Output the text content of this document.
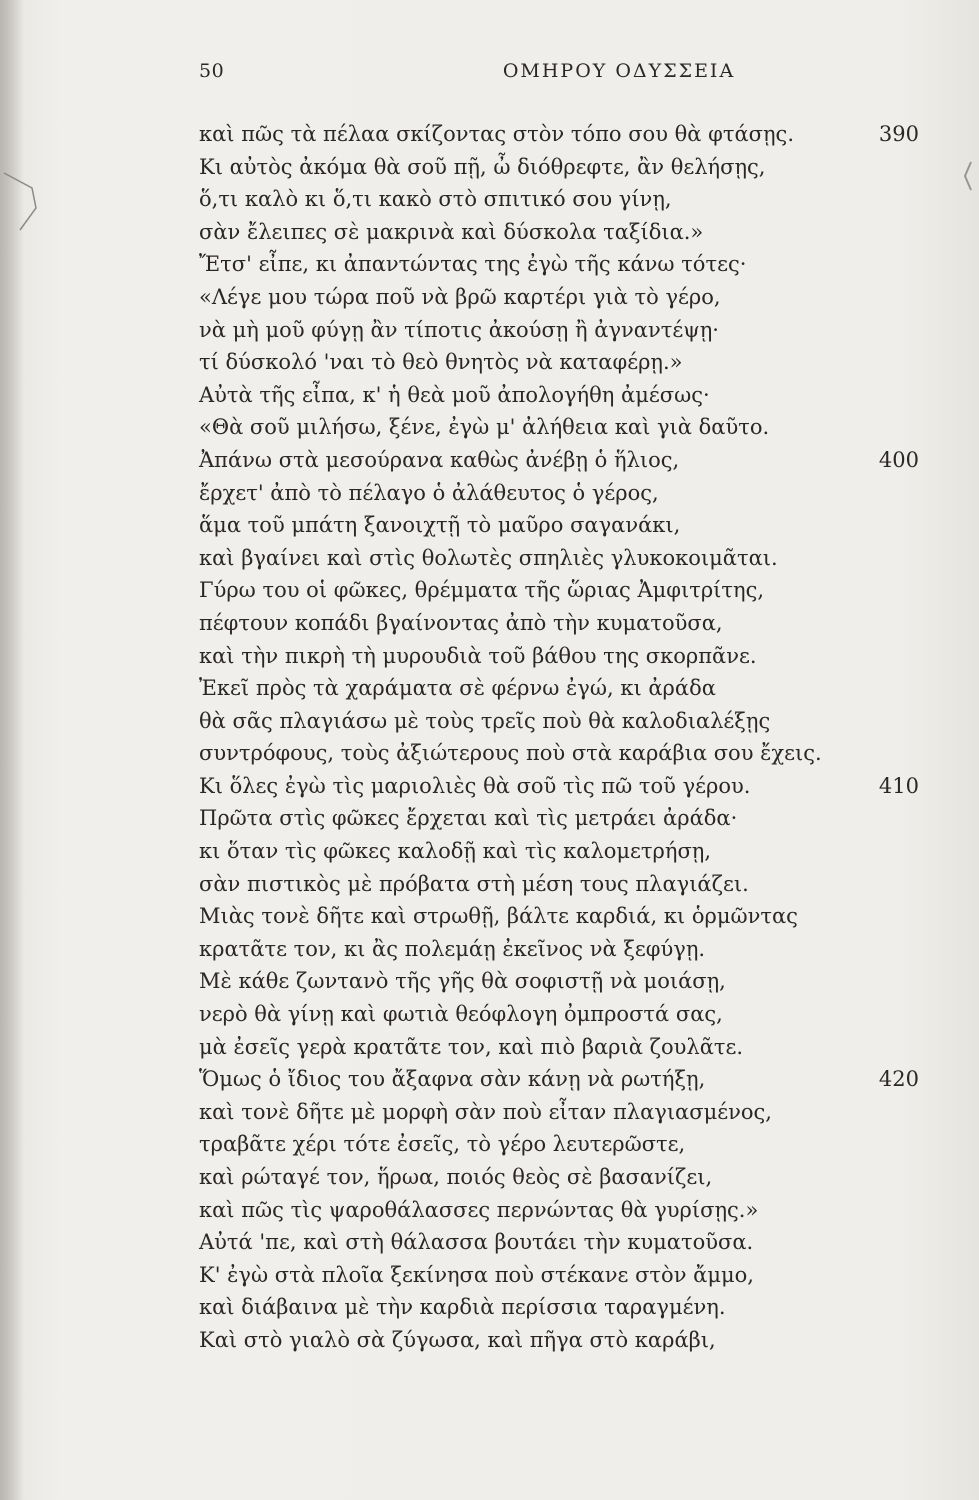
50	ΟΜΗΡΟΥ ΟΔΥΣΣΕΙΑ
καὶ πῶς τὰ πέλαα σκίζοντας στὸν τόπο σου θὰ φτάσῃς.	390
Κι αὐτὸς ἀκόμα θὰ σοῦ πῇ, ὦ διόθρεφτε, ἂν θελήσῃς,
ὅ,τι καλὸ κι ὅ,τι κακὸ στὸ σπιτικό σου γίνῃ,
σὰν ἔλειπες σὲ μακρινὰ καὶ δύσκολα ταξίδια.»
Ἔτσ' εἶπε, κι ἀπαντώντας της ἐγὼ τῆς κάνω τότες·
«Λέγε μου τώρα ποῦ νὰ βρῶ καρτέρι γιὰ τὸ γέρο,
νὰ μὴ μοῦ φύγῃ ἂν τίποτις ἀκούσῃ ἢ ἀγναντέψῃ·
τί δύσκολό 'ναι τὸ θεὸ θνητὸς νὰ καταφέρῃ.»
Αὐτὰ τῆς εἶπα, κ' ἡ θεὰ μοῦ ἀπολογήθη ἀμέσως·
«Θὰ σοῦ μιλήσω, ξένε, ἐγὼ μ' ἀλήθεια καὶ γιὰ δαῦτο.
Ἀπάνω στὰ μεσούρανα καθὼς ἀνέβῃ ὁ ἥλιος,	400
ἔρχετ' ἀπὸ τὸ πέλαγο ὁ ἀλάθευτος ὁ γέρος,
ἅμα τοῦ μπάτη ξανοιχτῇ τὸ μαῦρο σαγανάκι,
καὶ βγαίνει καὶ στὶς θολωτὲς σπηλιὲς γλυκοκοιμᾶται.
Γύρω του οἱ φῶκες, θρέμματα τῆς ὥριας Ἀμφιτρίτης,
πέφτουν κοπάδι βγαίνοντας ἀπὸ τὴν κυματοῦσα,
καὶ τὴν πικρὴ τὴ μυρουδιὰ τοῦ βάθου της σκορπᾶνε.
Ἐκεῖ πρὸς τὰ χαράματα σὲ φέρνω ἐγώ, κι ἀράδα
θὰ σᾶς πλαγιάσω μὲ τοὺς τρεῖς ποὺ θὰ καλοδιαλέξῃς
συντρόφους, τοὺς ἀξιώτερους ποὺ στὰ καράβια σου ἔχεις.
Κι ὅλες ἐγὼ τὶς μαριολιὲς θὰ σοῦ τὶς πῶ τοῦ γέρου.	410
Πρῶτα στὶς φῶκες ἔρχεται καὶ τὶς μετράει ἀράδα·
κι ὅταν τὶς φῶκες καλοδῇ καὶ τὶς καλομετρήσῃ,
σὰν πιστικὸς μὲ πρόβατα στὴ μέση τους πλαγιάζει.
Μιὰς τονὲ δῆτε καὶ στρωθῇ, βάλτε καρδιά, κι ὁρμῶντας
κρατᾶτε τον, κι ἂς πολεμάῃ ἐκεῖνος νὰ ξεφύγῃ.
Μὲ κάθε ζωντανὸ τῆς γῆς θὰ σοφιστῇ νὰ μοιάσῃ,
νερὸ θὰ γίνῃ καὶ φωτιὰ θεόφλογη ὀμπροστά σας,
μὰ ἐσεῖς γερὰ κρατᾶτε τον, καὶ πιὸ βαριὰ ζουλᾶτε.
Ὅμως ὁ ἴδιος του ἄξαφνα σὰν κάνῃ νὰ ρωτήξῃ,	420
καὶ τονὲ δῆτε μὲ μορφὴ σὰν ποὺ εἶταν πλαγιασμένος,
τραβᾶτε χέρι τότε ἐσεῖς, τὸ γέρο λευτερῶστε,
καὶ ρώταγέ τον, ἥρωα, ποιός θεὸς σὲ βασανίζει,
καὶ πῶς τὶς ψαροθάλασσες περνώντας θὰ γυρίσῃς.»
Αὐτά 'πε, καὶ στὴ θάλασσα βουτάει τὴν κυματοῦσα.
Κ' ἐγὼ στὰ πλοῖα ξεκίνησα ποὺ στέκανε στὸν ἄμμο,
καὶ διάβαινα μὲ τὴν καρδιὰ περίσσια ταραγμένη.
Καὶ στὸ γιαλὸ σὰ ζύγωσα, καὶ πῆγα στὸ καράβι,
